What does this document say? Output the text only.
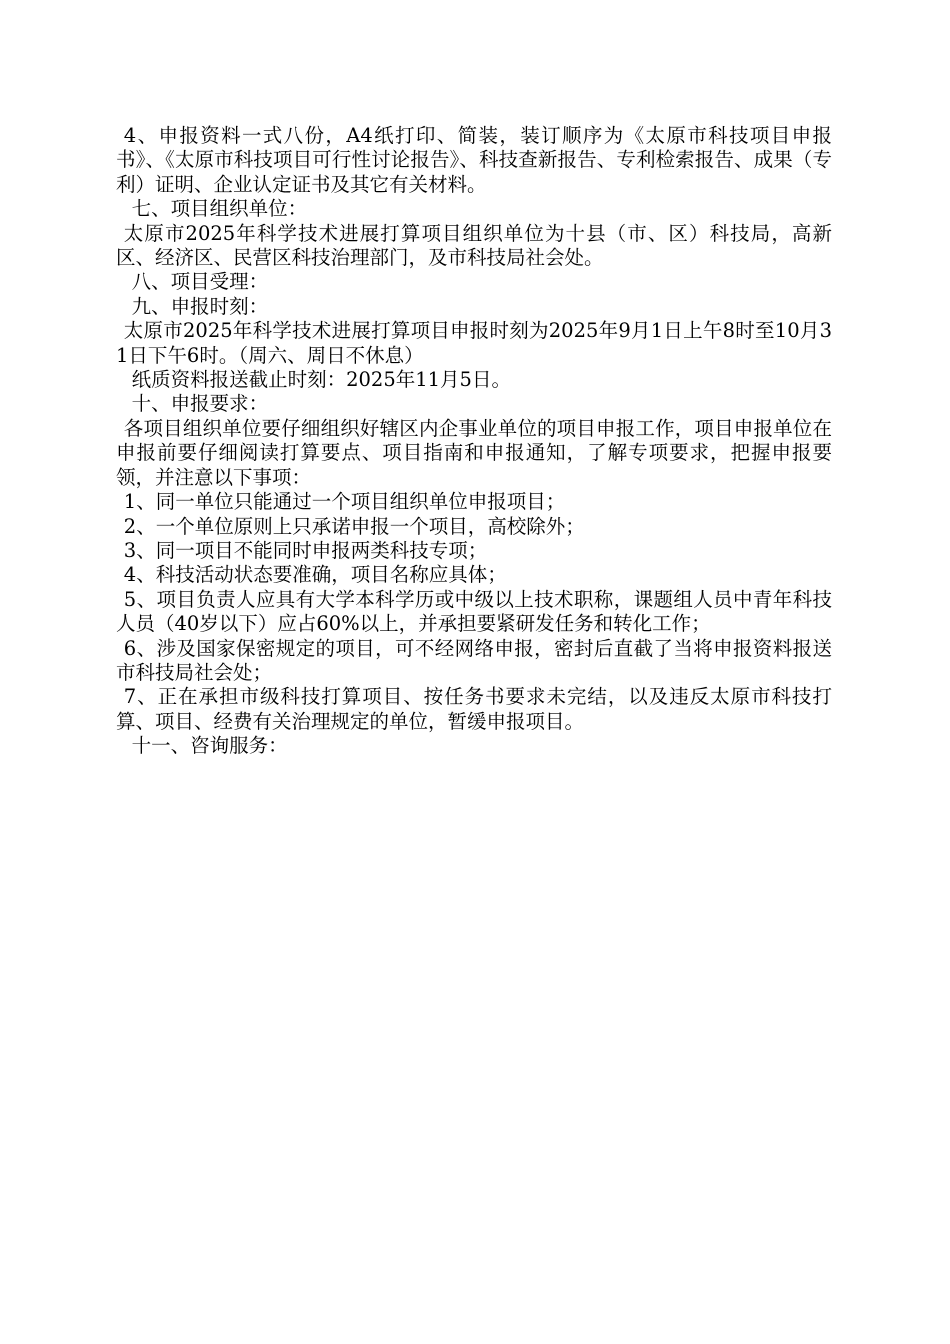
4、申报资料一式八份，A4纸打印、简装，装订顺序为《太原市科技项目申报书》、《太原市科技项目可行性讨论报告》、科技查新报告、专利检索报告、成果（专利）证明、企业认定证书及其它有关材料。

七、项目组织单位：

太原市2025年科学技术进展打算项目组织单位为十县（市、区）科技局，高新区、经济区、民营区科技治理部门，及市科技局社会处。

八、项目受理：

九、申报时刻：

太原市2025年科学技术进展打算项目申报时刻为2025年9月1日上午8时至10月31日下午6时。（周六、周日不休息）

纸质资料报送截止时刻：2025年11月5日。

十、申报要求：

各项目组织单位要仔细组织好辖区内企事业单位的项目申报工作，项目申报单位在申报前要仔细阅读打算要点、项目指南和申报通知，了解专项要求，把握申报要领，并注意以下事项：

1、同一单位只能通过一个项目组织单位申报项目；

2、一个单位原则上只承诺申报一个项目，高校除外；

3、同一项目不能同时申报两类科技专项；

4、科技活动状态要准确，项目名称应具体；

5、项目负责人应具有大学本科学历或中级以上技术职称，课题组人员中青年科技人员（40岁以下）应占60%以上，并承担要紧研发任务和转化工作；

6、涉及国家保密规定的项目，可不经网络申报，密封后直截了当将申报资料报送市科技局社会处；

7、正在承担市级科技打算项目、按任务书要求未完结，以及违反太原市科技打算、项目、经费有关治理规定的单位，暂缓申报项目。

十一、咨询服务：
